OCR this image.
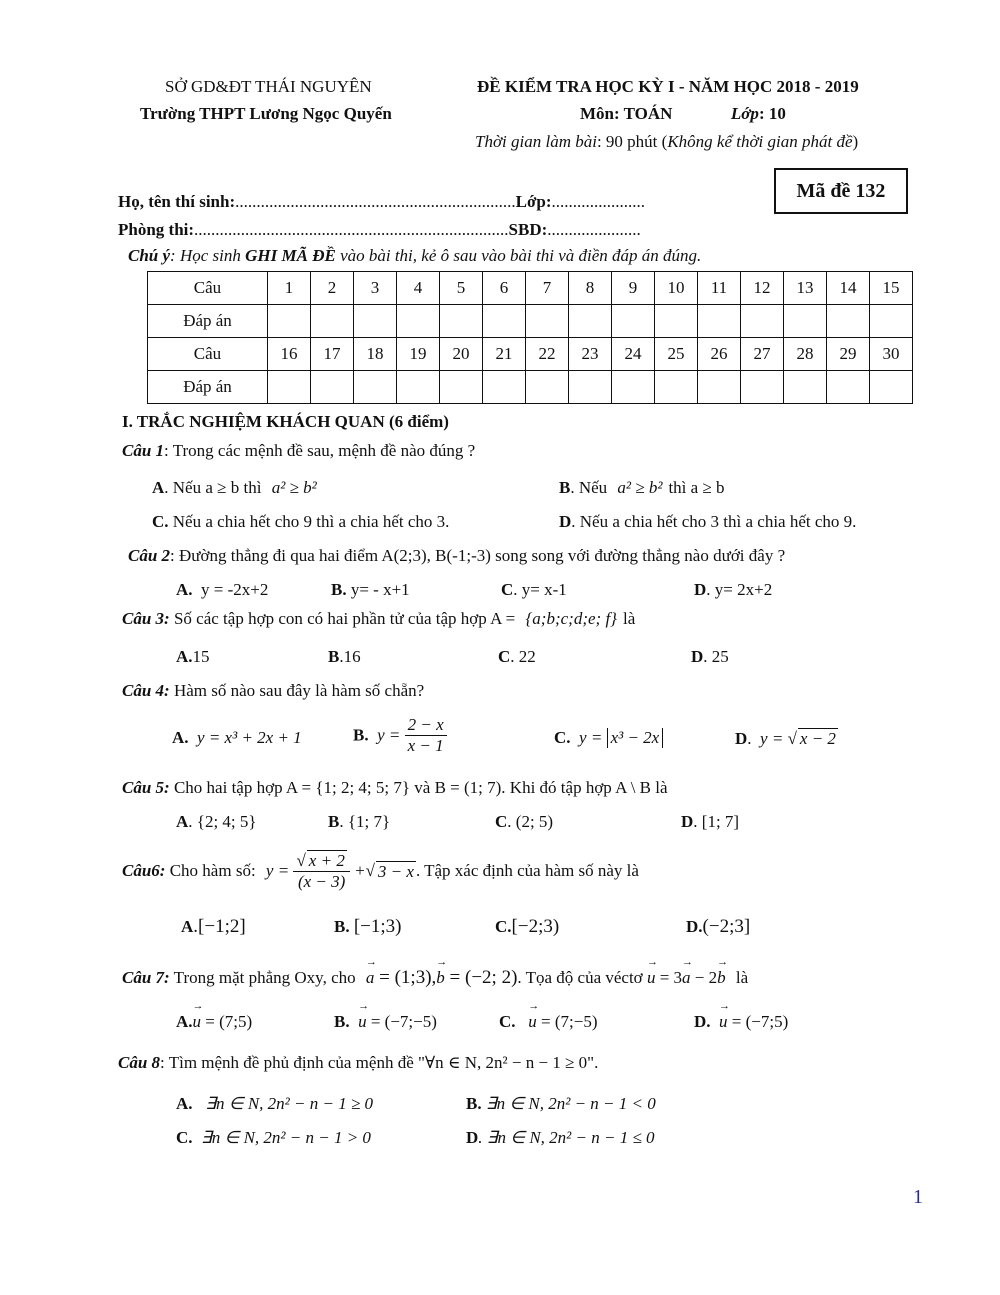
SỞ GD&ĐT THÁI NGUYÊN
Trường THPT Lương Ngọc Quyến
ĐỀ KIỂM TRA HỌC KỲ I - NĂM HỌC 2018 - 2019
Môn: TOÁN	Lớp: 10
Thời gian làm bài: 90 phút (Không kể thời gian phát đề)
Họ, tên thí sinh:..................................................................Lớp:......................
Phòng thi:..........................................................................SBD:......................
Mã đề 132
Chú ý: Học sinh GHI MÃ ĐỀ vào bài thi, kẻ ô sau vào bài thi và điền đáp án đúng.
Câu	1	2	3	4	5	6	7	8	9	10	11	12	13	14	15
Đáp án															
Câu	16	17	18	19	20	21	22	23	24	25	26	27	28	29	30
Đáp án															
I. TRẮC NGHIỆM KHÁCH QUAN (6 điểm)
Câu 1: Trong các mệnh đề sau, mệnh đề nào đúng ?
A. Nếu a ≥ b thì a² ≥ b²	B. Nếu a² ≥ b² thì a ≥ b
C. Nếu a chia hết cho 9 thì a chia hết cho 3.	D. Nếu a chia hết cho 3 thì a chia hết cho 9.
Câu 2: Đường thẳng đi qua hai điểm A(2;3), B(-1;-3) song song với đường thẳng nào dưới đây ?
A. y = -2x+2	B. y= - x+1	C. y= x-1	D. y= 2x+2
Câu 3: Số các tập hợp con có hai phần tử của tập hợp A = {a;b;c;d;e; f} là
A.15	B.16	C. 22	D. 25
Câu 4: Hàm số nào sau đây là hàm số chẵn?
A. y = x³ + 2x + 1	B. $y = \frac{2 - x}{x - 1}$	C. y = x³ − 2x	D.  y = √ x − 2
Câu 5: Cho hai tập hợp A = {1; 2; 4; 5; 7} và B = (1; 7). Khi đó tập hợp A \ B là
A. {2; 4; 5}	B. {1; 7}	C. (2; 5)	D. [1; 7]
Câu6: Cho hàm số: $y = \frac{√ x + 2}{(x - 3)}$ +√ 3 − x . Tập xác định của hàm số này là
A.[−1;2]	B. [−1;3)	C.[−2;3)	D.(−2;3]
Câu 7: Trong mặt phẳng Oxy, cho → a = (1;3),→ b = (−2; 2). Tọa độ của véctơ → u = 3→ a − 2→ b là
A.→ u = (7;5)	B. → u = (−7;−5)	C. → u = (7;−5)	D. → u = (−7;5)
Câu 8: Tìm mệnh đề phủ định của mệnh đề "∀n ∈ N, 2n² − n − 1 ≥ 0".
A. ∃n ∈ N, 2n² − n − 1 ≥ 0	B. ∃n ∈ N, 2n² − n − 1 < 0
C. ∃n ∈ N, 2n² − n − 1 > 0	D. ∃n ∈ N, 2n² − n − 1 ≤ 0
1
